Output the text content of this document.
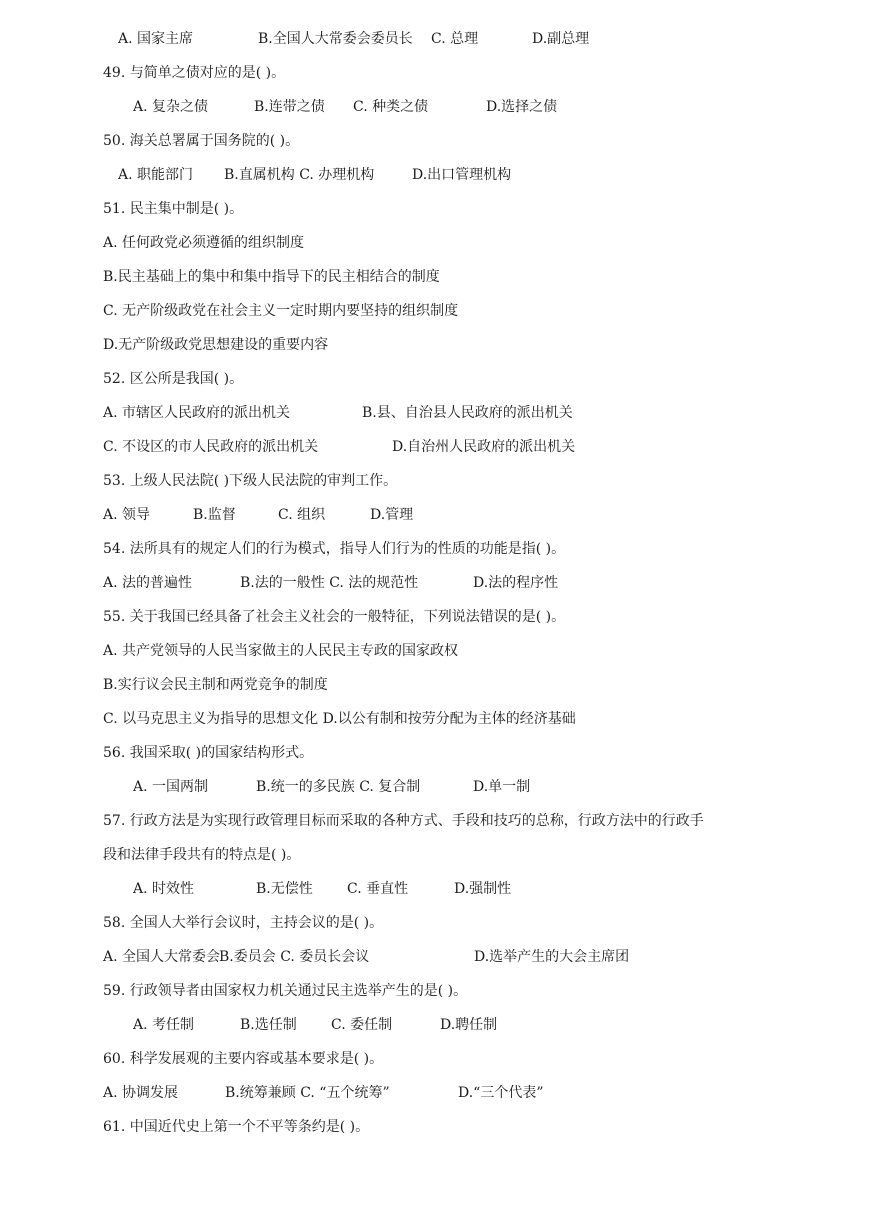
A. 国家主席	B.全国人大常委会委员长 C. 总理	D.副总理
49. 与简单之债对应的是( )。
A. 复杂之债	B.连带之债 C. 种类之债	D.选择之债
50. 海关总署属于国务院的( )。
A. 职能部门 B.直属机构 C. 办理机构	D.出口管理机构
51. 民主集中制是( )。
A. 任何政党必须遵循的组织制度
B.民主基础上的集中和集中指导下的民主相结合的制度
C. 无产阶级政党在社会主义一定时期内要坚持的组织制度
D.无产阶级政党思想建设的重要内容
52. 区公所是我国( )。
A. 市辖区人民政府的派出机关	B.县、自治县人民政府的派出机关
C. 不设区的市人民政府的派出机关	D.自治州人民政府的派出机关
53. 上级人民法院( )下级人民法院的审判工作。
A. 领导	B.监督	C. 组织	D.管理
54. 法所具有的规定人们的行为模式，指导人们行为的性质的功能是指( )。
A. 法的普遍性	B.法的一般性 C. 法的规范性	D.法的程序性
55. 关于我国已经具备了社会主义社会的一般特征，下列说法错误的是( )。
A. 共产党领导的人民当家做主的人民民主专政的国家政权
B.实行议会民主制和两党竞争的制度
C. 以马克思主义为指导的思想文化 D.以公有制和按劳分配为主体的经济基础
56. 我国采取( )的国家结构形式。
A. 一国两制	B.统一的多民族 C. 复合制	D.单一制
57. 行政方法是为实现行政管理目标而采取的各种方式、手段和技巧的总称，行政方法中的行政手
段和法律手段共有的特点是( )。
A. 时效性	B.无偿性 C. 垂直性	D.强制性
58. 全国人大举行会议时，主持会议的是( )。
A. 全国人大常委会
B.委员会 C. 委员长会议	D.选举产生的大会主席团
59. 行政领导者由国家权力机关通过民主选举产生的是( )。
A. 考任制	B.选任制 C. 委任制	D.聘任制
60. 科学发展观的主要内容或基本要求是( )。
A. 协调发展	B.统筹兼顾 C. “五个统筹”	D.“三个代表”
61. 中国近代史上第一个不平等条约是( )。
